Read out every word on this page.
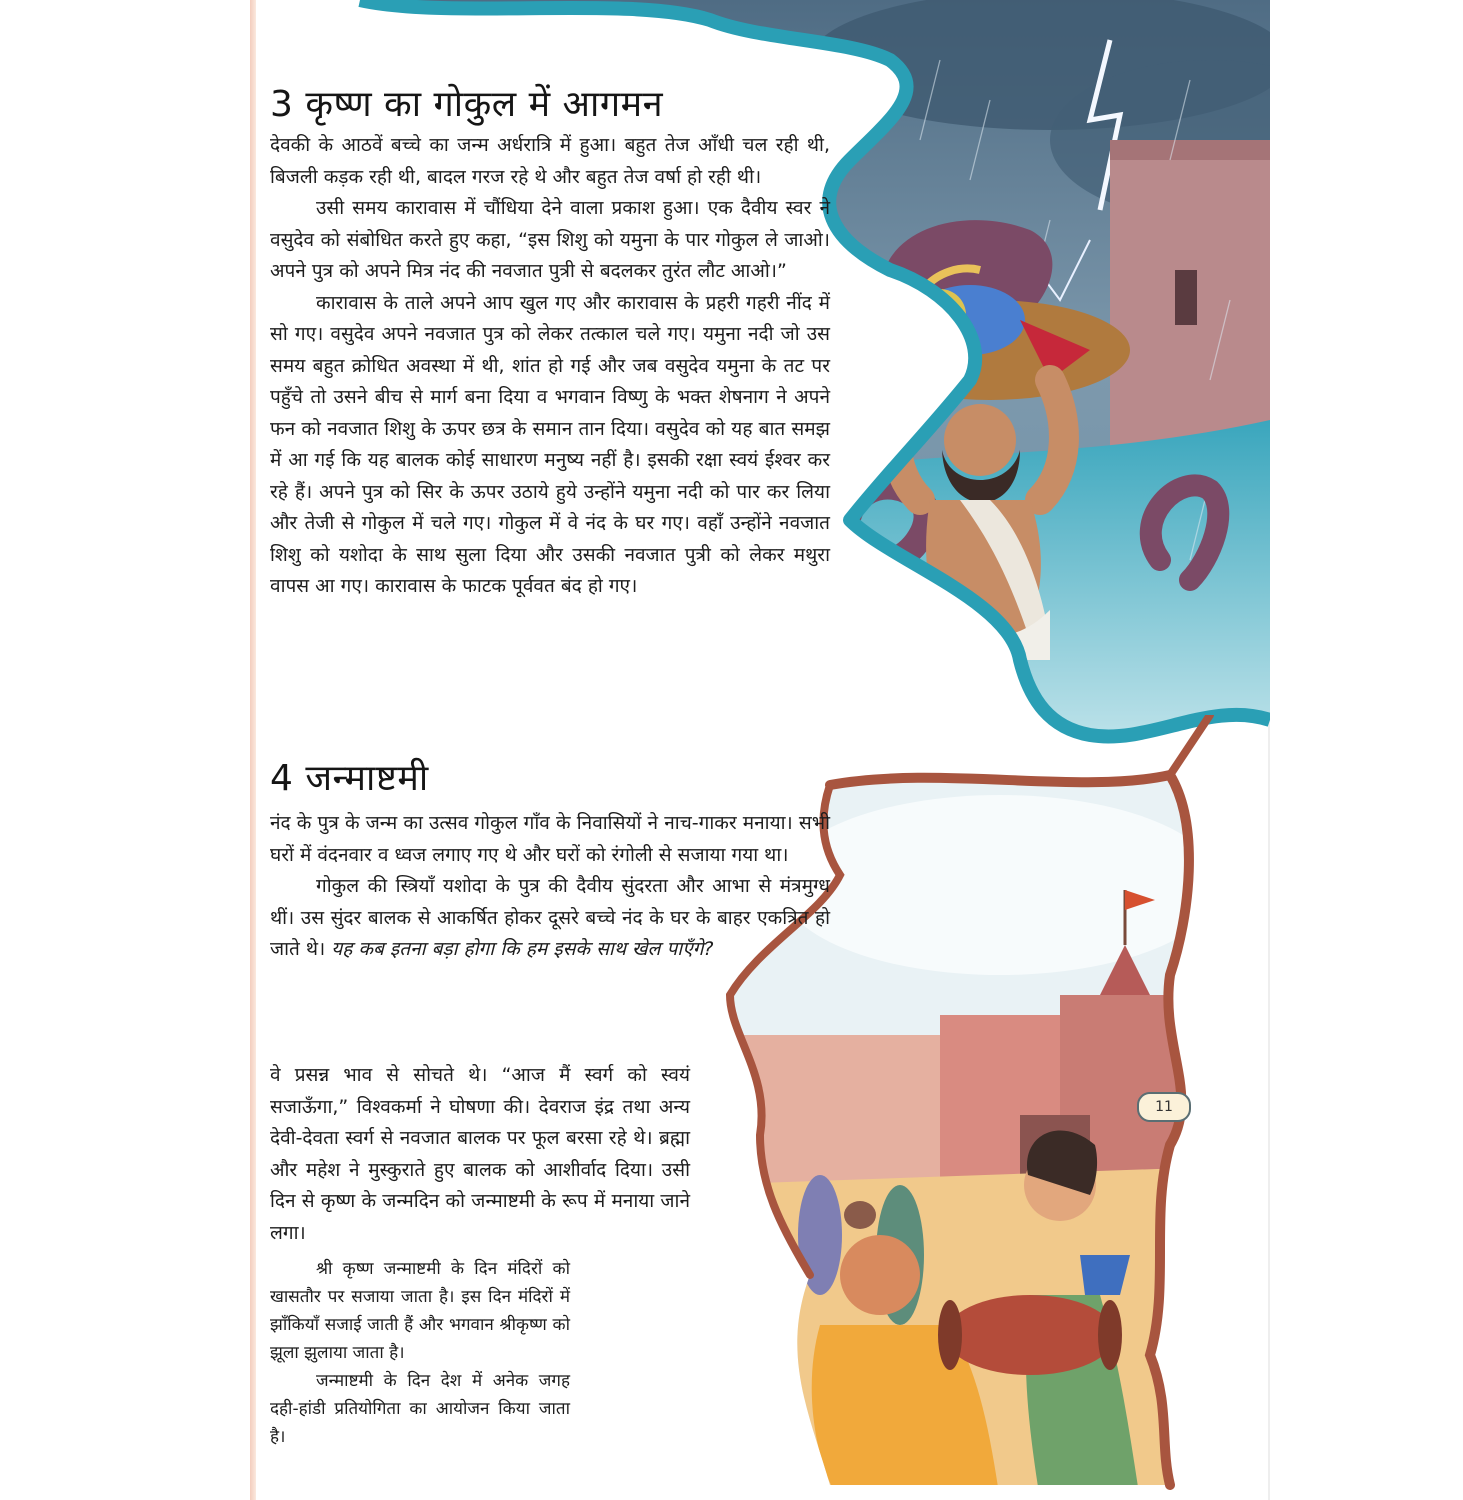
3 कृष्ण का गोकुल में आगमन

देवकी के आठवें बच्चे का जन्म अर्धरात्रि में हुआ। बहुत तेज आँधी चल रही थी, बिजली कड़क रही थी, बादल गरज रहे थे और बहुत तेज वर्षा हो रही थी।

उसी समय कारावास में चौंधिया देने वाला प्रकाश हुआ। एक दैवीय स्वर ने वसुदेव को संबोधित करते हुए कहा, “इस शिशु को यमुना के पार गोकुल ले जाओ। अपने पुत्र को अपने मित्र नंद की नवजात पुत्री से बदलकर तुरंत लौट आओ।”

कारावास के ताले अपने आप खुल गए और कारावास के प्रहरी गहरी नींद में सो गए। वसुदेव अपने नवजात पुत्र को लेकर तत्काल चले गए। यमुना नदी जो उस समय बहुत क्रोधित अवस्था में थी, शांत हो गई और जब वसुदेव यमुना के तट पर पहुँचे तो उसने बीच से मार्ग बना दिया व भगवान विष्णु के भक्त शेषनाग ने अपने फन को नवजात शिशु के ऊपर छत्र के समान तान दिया। वसुदेव को यह बात समझ में आ गई कि यह बालक कोई साधारण मनुष्य नहीं है। इसकी रक्षा स्वयं ईश्वर कर रहे हैं। अपने पुत्र को सिर के ऊपर उठाये हुये उन्होंने यमुना नदी को पार कर लिया और तेजी से गोकुल में चले गए। गोकुल में वे नंद के घर गए। वहाँ उन्होंने नवजात शिशु को यशोदा के साथ सुला दिया और उसकी नवजात पुत्री को लेकर मथुरा वापस आ गए। कारावास के फाटक पूर्ववत बंद हो गए।

4 जन्माष्टमी

नंद के पुत्र के जन्म का उत्सव गोकुल गाँव के निवासियों ने नाच-गाकर मनाया। सभी घरों में वंदनवार व ध्वज लगाए गए थे और घरों को रंगोली से सजाया गया था।

गोकुल की स्त्रियाँ यशोदा के पुत्र की दैवीय सुंदरता और आभा से मंत्रमुग्ध थीं। उस सुंदर बालक से आकर्षित होकर दूसरे बच्चे नंद के घर के बाहर एकत्रित हो जाते थे। यह कब इतना बड़ा होगा कि हम इसके साथ खेल पाएँगे?

वे प्रसन्न भाव से सोचते थे। “आज मैं स्वर्ग को स्वयं सजाऊँगा,” विश्वकर्मा ने घोषणा की। देवराज इंद्र तथा अन्य देवी-देवता स्वर्ग से नवजात बालक पर फूल बरसा रहे थे। ब्रह्मा और महेश ने मुस्कुराते हुए बालक को आशीर्वाद दिया। उसी दिन से कृष्ण के जन्मदिन को जन्माष्टमी के रूप में मनाया जाने लगा।

श्री कृष्ण जन्माष्टमी के दिन मंदिरों को खासतौर पर सजाया जाता है। इस दिन मंदिरों में झाँकियाँ सजाई जाती हैं और भगवान श्रीकृष्ण को झूला झुलाया जाता है।

जन्माष्टमी के दिन देश में अनेक जगह दही-हांडी प्रतियोगिता का आयोजन किया जाता है।

11
